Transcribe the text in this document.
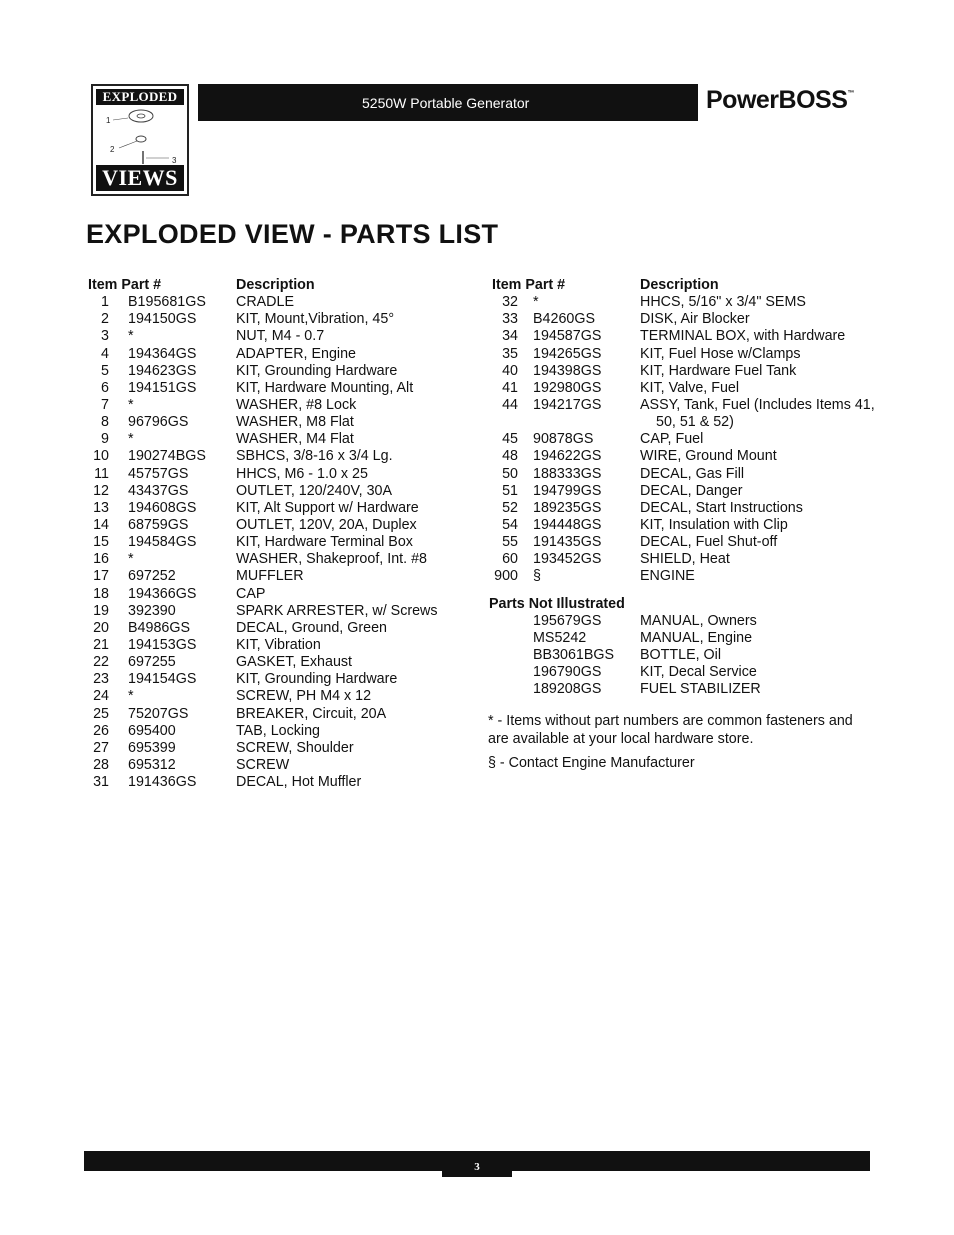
EXPLODED
1
2
3
VIEWS
5250W Portable Generator	PowerBOSS™
EXPLODED VIEW - PARTS LIST
Item Part #	Description
1 B195681GS CRADLE
2 194150GS	KIT, Mount,Vibration, 45°
3 *	NUT, M4 - 0.7
4 194364GS	ADAPTER, Engine
5 194623GS	KIT, Grounding Hardware
6 194151GS	KIT, Hardware Mounting, Alt
7 *	WASHER, #8 Lock
8 96796GS	WASHER, M8 Flat
9 *	WASHER, M4 Flat
10 190274BGS SBHCS, 3/8-16 x 3/4 Lg.
11 45757GS	HHCS, M6 - 1.0 x 25
12 43437GS	OUTLET, 120/240V, 30A
13 194608GS	KIT, Alt Support w/ Hardware
14 68759GS	OUTLET, 120V, 20A, Duplex
15 194584GS	KIT, Hardware Terminal Box
16 *	WASHER, Shakeproof, Int. #8
17 697252	MUFFLER
18 194366GS	CAP
19 392390	SPARK ARRESTER, w/ Screws
20 B4986GS	DECAL, Ground, Green
21 194153GS	KIT, Vibration
22 697255	GASKET, Exhaust
23 194154GS	KIT, Grounding Hardware
24 *	SCREW, PH M4 x 12
25 75207GS	BREAKER, Circuit, 20A
26 695400	TAB, Locking
27 695399	SCREW, Shoulder
28 695312	SCREW
31 191436GS	DECAL, Hot Muffler
Item Part #	Description
32 *	HHCS, 5/16" x 3/4" SEMS
33 B4260GS	DISK, Air Blocker
34 194587GS	TERMINAL BOX, with Hardware
35 194265GS	KIT, Fuel Hose w/Clamps
40 194398GS	KIT, Hardware Fuel Tank
41 192980GS	KIT, Valve, Fuel
44 194217GS	ASSY, Tank, Fuel (Includes Items 41,
50, 51 & 52)
45 90878GS	CAP, Fuel
48 194622GS	WIRE, Ground Mount
50 188333GS	DECAL, Gas Fill
51 194799GS	DECAL, Danger
52 189235GS	DECAL, Start Instructions
54 194448GS	KIT, Insulation with Clip
55 191435GS	DECAL, Fuel Shut-off
60 193452GS	SHIELD, Heat
900 §	ENGINE
Parts Not Illustrated
195679GS	MANUAL, Owners
MS5242	MANUAL, Engine
BB3061BGS BOTTLE, Oil
196790GS	KIT, Decal Service
189208GS	FUEL STABILIZER
* - Items without part numbers are common fasteners and are available at your local hardware store.
§ - Contact Engine Manufacturer
3
